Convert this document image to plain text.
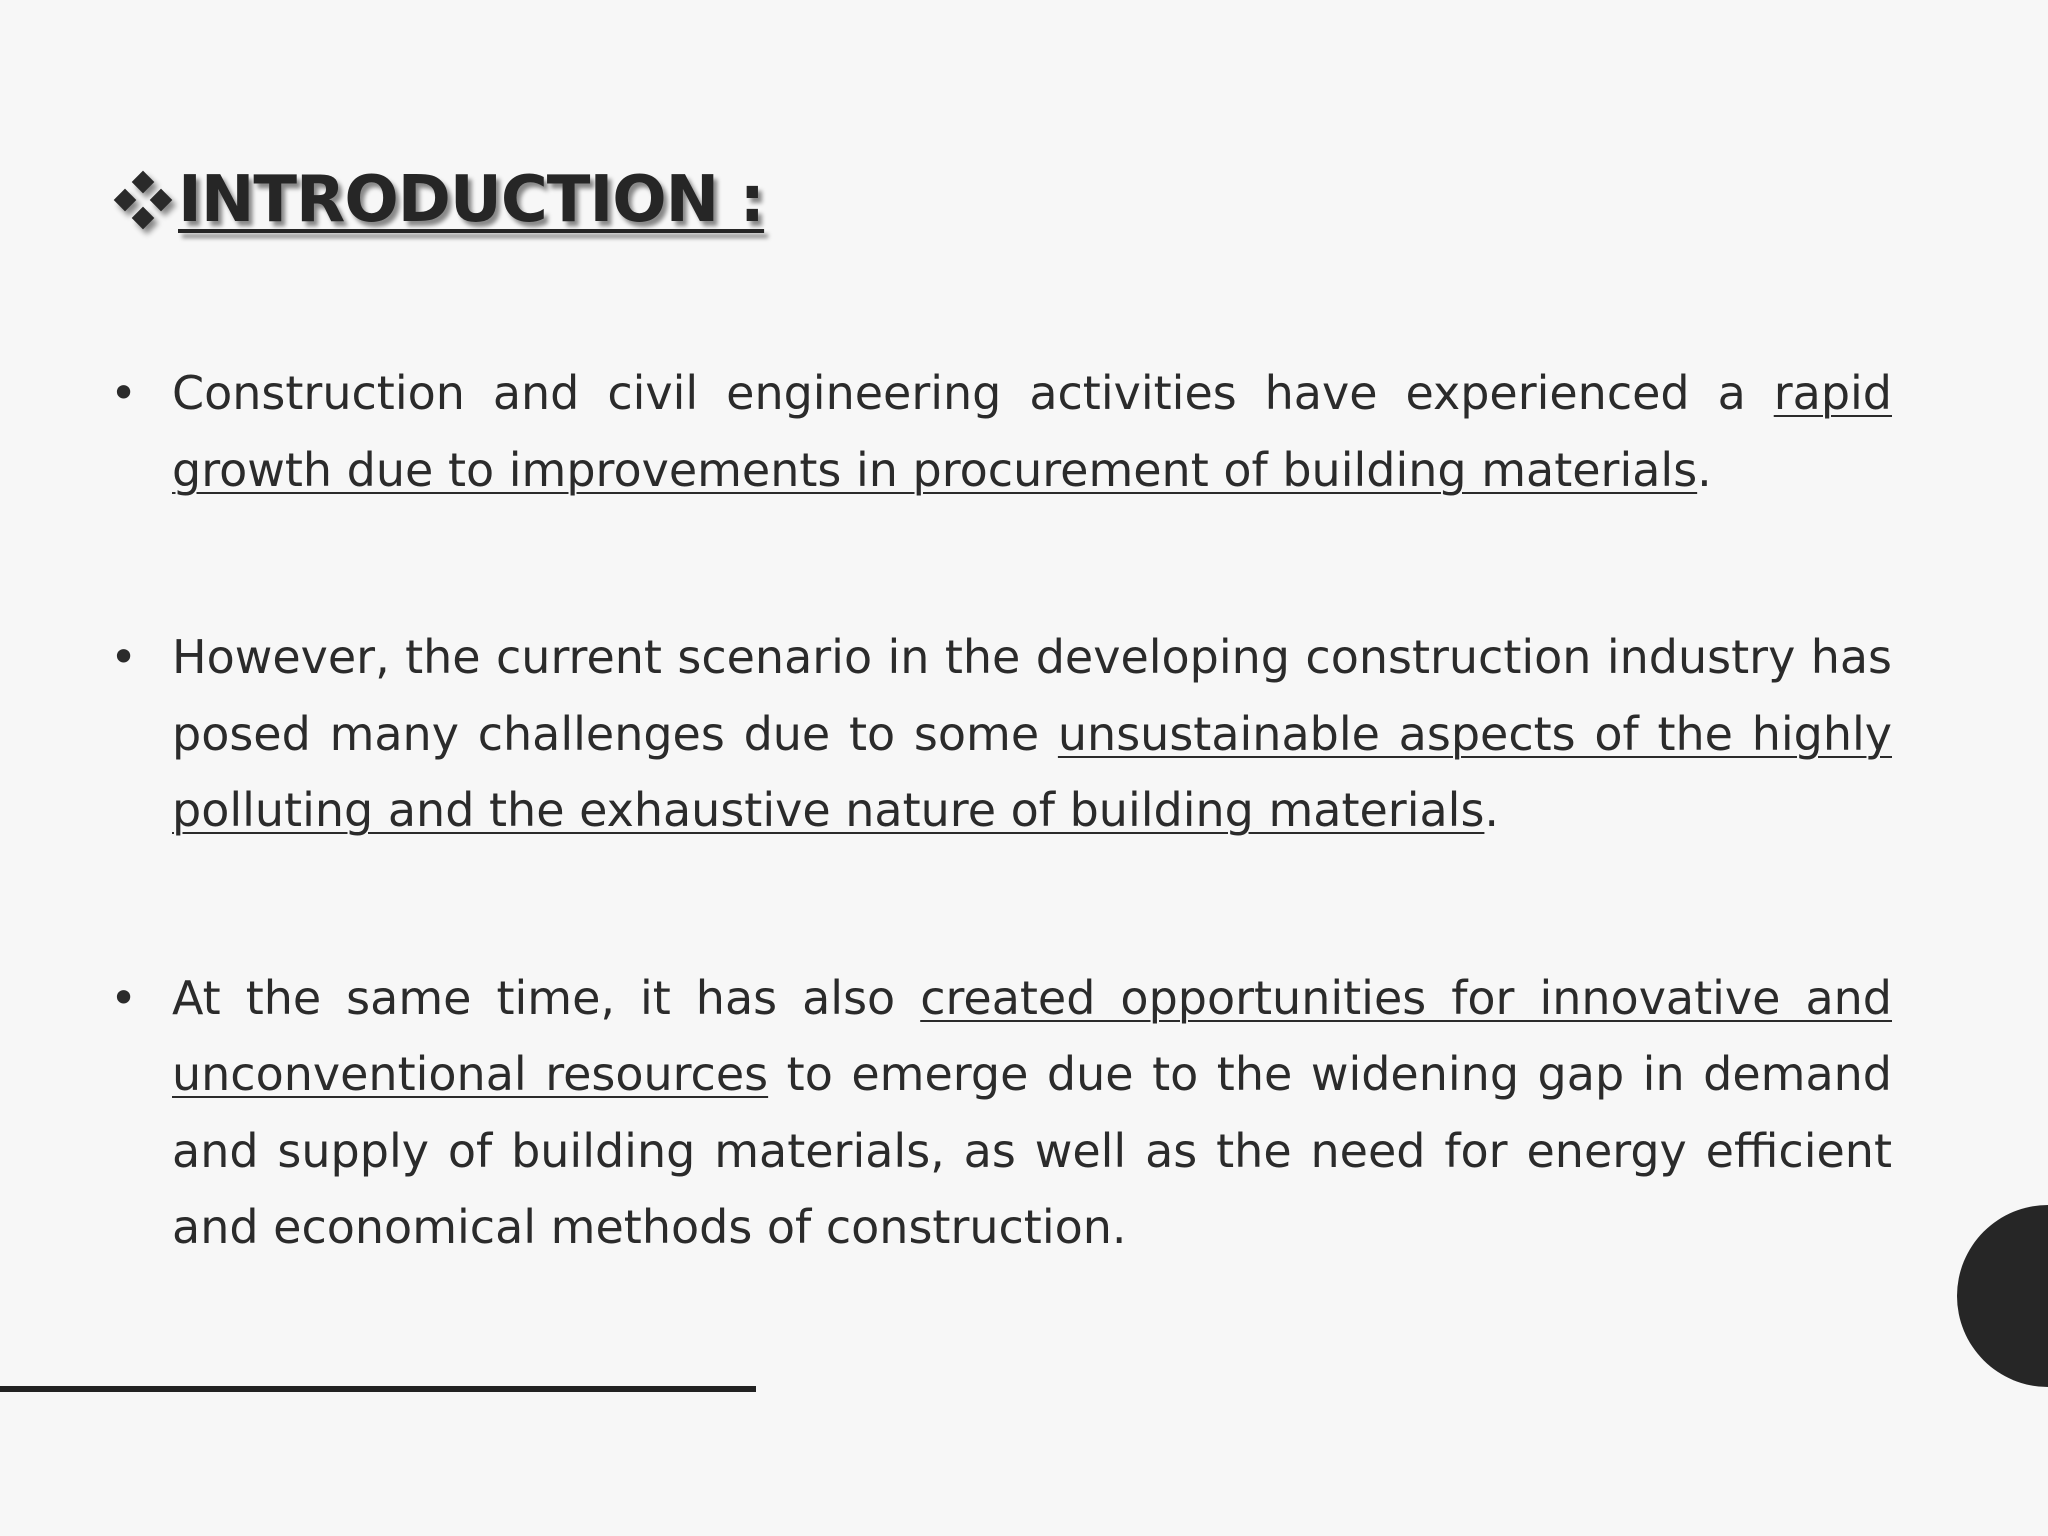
INTRODUCTION :
• Construction and civil engineering activities have experienced a rapid growth due to improvements in procurement of building materials.
• However, the current scenario in the developing construction industry has posed many challenges due to some unsustainable aspects of the highly polluting and the exhaustive nature of building materials.
• At the same time, it has also created opportunities for innovative and unconventional resources to emerge due to the widening gap in demand and supply of building materials, as well as the need for energy efficient and economical methods of construction.
